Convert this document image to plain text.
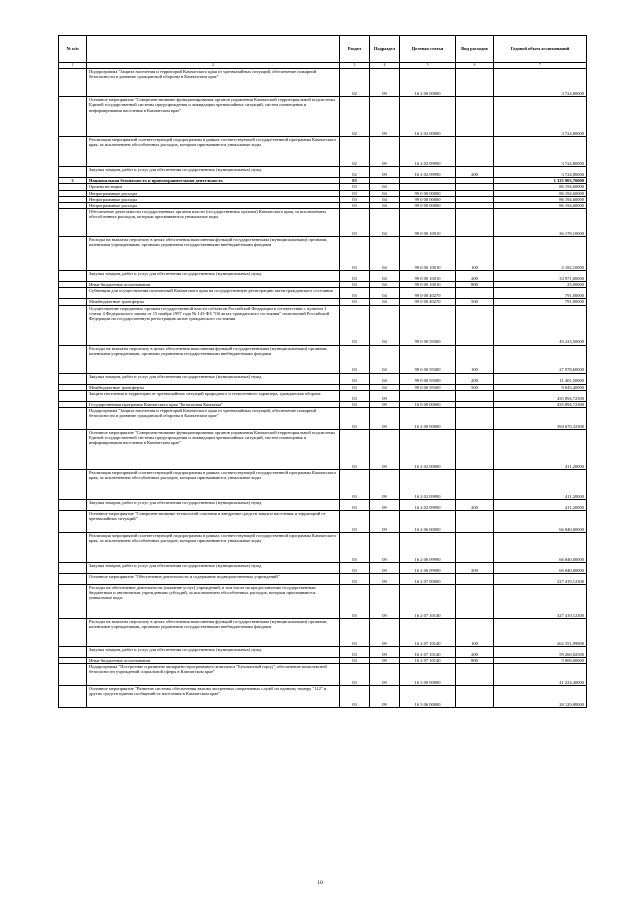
№ п/п		Раздел	Подраздел	Целевая статья	Вид расходов	Годовой объем ассигнований
1	2	3	4	5	6	7
	Подпрограмма "Защита населения и территорий Камчатского края от чрезвычайных ситуаций, обеспечение пожарной безопасности и развитие гражданской обороны в Камчатском крае"	02	09	16 2 00 00000		3 724,80000
	Основное мероприятие "Совершенствование функционирования органов управления Камчатской территориальной подсистемы Единой государственной системы предупреждения и ликвидации чрезвычайных ситуаций, систем оповещения и информирования населения в Камчатском крае"	02	09	16 2 02 00000		3 724,80000
	Реализация мероприятий соответствующей подпрограммы в рамках соответствующей государственной программы Камчатского края, за исключением обособленных расходов, которым присваиваются уникальные коды	02	09	16 2 02 09990		3 724,80000
	Закупка товаров, работ и услуг для обеспечения государственных (муниципальных) нужд	02	09	16 2 02 09990	200	3 724,80000
3	Национальная безопасность и правоохранительная деятельность	03				1 325 903,76000
	Органы юстиции	03	04			86 194,60000
	Непрограммные расходы	03	04	99 0 00 00000		86 194,60000
	Непрограммные расходы	03	04	99 0 00 00000		86 194,60000
	Непрограммные расходы	03	04	99 0 00 00000		86 194,60000
	Обеспечение деятельности государственных органов власти (государственных органов) Камчатского края, за исключением обособленных расходов, которым присваиваются уникальные коды	03	04	99 0 00 10010		36 178,10000
	Расходы на выплаты персоналу в целях обеспечения выполнения функций государственными (муниципальными) органами, казенными учреждениями, органами управления государственными внебюджетными фондами	03	04	99 0 00 10010	100	2 182,10000
	Закупка товаров, работ и услуг для обеспечения государственных (муниципальных) нужд	03	04	99 0 00 10010	200	33 971,00000
	Иные бюджетные ассигнования	03	04	99 0 00 10010	800	25,00000
	Субвенции для осуществления полномочий Камчатского края на государственную регистрацию актов гражданского состояния	03	04	99 0 00 40270		791,00000
	Межбюджетные трансферты	03	04	99 0 00 40270	500	791,00000
	Осуществление переданных органам государственной власти субъектов Российской Федерации в соответствии с пунктом 1 статьи 4 Федерального закона от 15 ноября 1997 года № 143-ФЗ "Об актах гражданского состояния" полномочий Российской Федерации на государственную регистрацию актов гражданского состояния	03	04	99 0 00 59300		49 223,50000
	Расходы на выплаты персоналу в целях обеспечения выполнения функций государственными (муниципальными) органами, казенными учреждениями, органами управления государственными внебюджетными фондами	03	04	99 0 00 59300	100	27 978,60000
	Закупка товаров, работ и услуг для обеспечения государственных (муниципальных) нужд	03	04	99 0 00 59300	200	11 401,50000
	Межбюджетные трансферты	03	04	99 0 00 59300	500	9 843,40000
	Защита населения и территории от чрезвычайных ситуаций природного и техногенного характера, гражданская оборона	03	09			435 894,72300
	Государственная программа Камчатского края "Безопасная Камчатка"	03	09	16 0 00 00000		435 894,72300
	Подпрограмма "Защита населения и территорий Камчатского края от чрезвычайных ситуаций, обеспечение пожарной безопасности и развитие гражданской обороны в Камчатском крае"	03	09	16 2 00 00000		394 670,32300
	Основное мероприятие "Совершенствование функционирования органов управления Камчатской территориальной подсистемы Единой государственной системы предупреждения и ликвидации чрезвычайных ситуаций, систем оповещения и информирования населения в Камчатском крае"	03	09	16 2 02 00000		411,20000
	Реализация мероприятий соответствующей подпрограммы в рамках соответствующей государственной программы Камчатского края, за исключением обособленных расходов, которым присваиваются уникальные коды	03	09	16 2 02 09990		411,20000
	Закупка товаров, работ и услуг для обеспечения государственных (муниципальных) нужд	03	09	16 2 02 09990	200	411,20000
	Основное мероприятие "Совершенствование технологий спасения и внедрение средств защиты населения и территорий от чрезвычайных ситуаций"	03	09	16 2 06 00000		66 840,00000
	Реализация мероприятий соответствующей подпрограммы в рамках соответствующей государственной программы Камчатского края, за исключением обособленных расходов, которым присваиваются уникальные коды	03	09	16 2 06 09990		66 840,00000
	Закупка товаров, работ и услуг для обеспечения государственных (муниципальных) нужд	03	09	16 2 06 09990	200	66 840,00000
	Основное мероприятие "Обеспечение деятельности и содержание подведомственных учреждений"	03	09	16 2 07 00000		327 419,12300
	Расходы на обеспечение деятельности (оказание услуг) учреждений, в том числе на предоставление государственным бюджетным и автономным учреждениям субсидий, за исключением обособленных расходов, которым присваиваются уникальные коды	03	09	16 2 07 10140		327 419,12300
	Расходы на выплаты персоналу в целях обеспечения выполнения функций государственными (муниципальными) органами, казенными учреждениями, органами управления государственными внебюджетными фондами	03	09	16 2 07 10140	100	262 351,09800
	Закупка товаров, работ и услуг для обеспечения государственных (муниципальных) нужд	03	09	16 2 07 10140	200	59 260,02500
	Иные бюджетные ассигнования	03	09	16 2 07 10140	800	5 808,00000
	Подпрограмма "Построение и развитие аппаратно-программного комплекса "Безопасный город", обеспечение комплексной безопасности учреждений социальной сферы в Камчатском крае"	03	09	16 3 00 00000		41 224,40000
	Основное мероприятие "Развитие системы обеспечения вызова экстренных оперативных служб по единому номеру "112" и других средств приема сообщений от населения в Камчатском крае"	03	09	16 3 06 00000		28 129,80000
10
